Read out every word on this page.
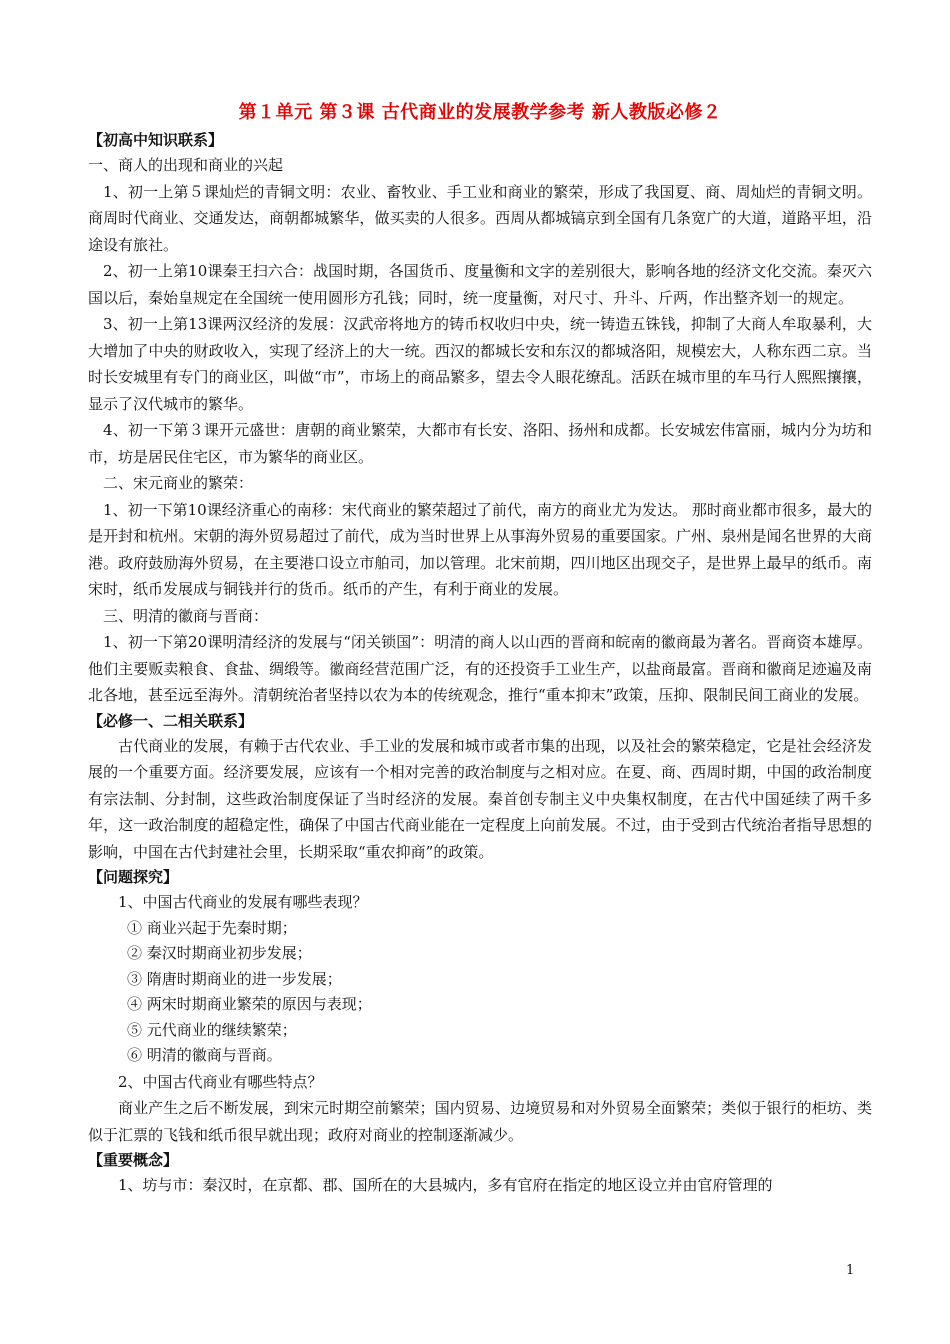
第１单元 第３课 古代商业的发展教学参考 新人教版必修２
【初高中知识联系】

一、商人的出现和商业的兴起

1、初一上第５课灿烂的青铜文明：农业、畜牧业、手工业和商业的繁荣，形成了我国夏、商、周灿烂的青铜文明。商周时代商业、交通发达，商朝都城繁华，做买卖的人很多。西周从都城镐京到全国有几条宽广的大道，道路平坦，沿途设有旅社。

2、初一上第10课秦王扫六合：战国时期，各国货币、度量衡和文字的差别很大，影响各地的经济文化交流。秦灭六国以后，秦始皇规定在全国统一使用圆形方孔钱；同时，统一度量衡，对尺寸、升斗、斤两，作出整齐划一的规定。

3、初一上第13课两汉经济的发展：汉武帝将地方的铸币权收归中央，统一铸造五铢钱，抑制了大商人牟取暴利，大大增加了中央的财政收入，实现了经济上的大一统。西汉的都城长安和东汉的都城洛阳，规模宏大，人称东西二京。当时长安城里有专门的商业区，叫做“市”，市场上的商品繁多，望去令人眼花缭乱。活跃在城市里的车马行人熙熙攘攘，显示了汉代城市的繁华。

4、初一下第３课开元盛世：唐朝的商业繁荣，大都市有长安、洛阳、扬州和成都。长安城宏伟富丽，城内分为坊和市，坊是居民住宅区，市为繁华的商业区。

二、宋元商业的繁荣：

1、初一下第10课经济重心的南移：宋代商业的繁荣超过了前代，南方的商业尤为发达。 那时商业都市很多，最大的是开封和杭州。宋朝的海外贸易超过了前代，成为当时世界上从事海外贸易的重要国家。广州、泉州是闻名世界的大商港。政府鼓励海外贸易，在主要港口设立市舶司，加以管理。北宋前期，四川地区出现交子，是世界上最早的纸币。南宋时，纸币发展成与铜钱并行的货币。纸币的产生，有利于商业的发展。

三、明清的徽商与晋商：

1、初一下第20课明清经济的发展与“闭关锁国”：明清的商人以山西的晋商和皖南的徽商最为著名。晋商资本雄厚。他们主要贩卖粮食、食盐、绸缎等。徽商经营范围广泛，有的还投资手工业生产，以盐商最富。晋商和徽商足迹遍及南北各地，甚至远至海外。清朝统治者坚持以农为本的传统观念，推行“重本抑末”政策，压抑、限制民间工商业的发展。

【必修一、二相关联系】

古代商业的发展，有赖于古代农业、手工业的发展和城市或者市集的出现，以及社会的繁荣稳定，它是社会经济发展的一个重要方面。经济要发展，应该有一个相对完善的政治制度与之相对应。在夏、商、西周时期，中国的政治制度有宗法制、分封制，这些政治制度保证了当时经济的发展。秦首创专制主义中央集权制度，在古代中国延续了两千多年，这一政治制度的超稳定性，确保了中国古代商业能在一定程度上向前发展。不过，由于受到古代统治者指导思想的影响，中国在古代封建社会里，长期采取“重农抑商”的政策。

【问题探究】

1、中国古代商业的发展有哪些表现？

① 商业兴起于先秦时期；

② 秦汉时期商业初步发展；

③ 隋唐时期商业的进一步发展；

④ 两宋时期商业繁荣的原因与表现；

⑤ 元代商业的继续繁荣；

⑥ 明清的徽商与晋商。

2、中国古代商业有哪些特点？

商业产生之后不断发展，到宋元时期空前繁荣；国内贸易、边境贸易和对外贸易全面繁荣；类似于银行的柜坊、类似于汇票的飞钱和纸币很早就出现；政府对商业的控制逐渐减少。

【重要概念】

1、坊与市：秦汉时，在京都、郡、国所在的大县城内，多有官府在指定的地区设立并由官府管理的

1
